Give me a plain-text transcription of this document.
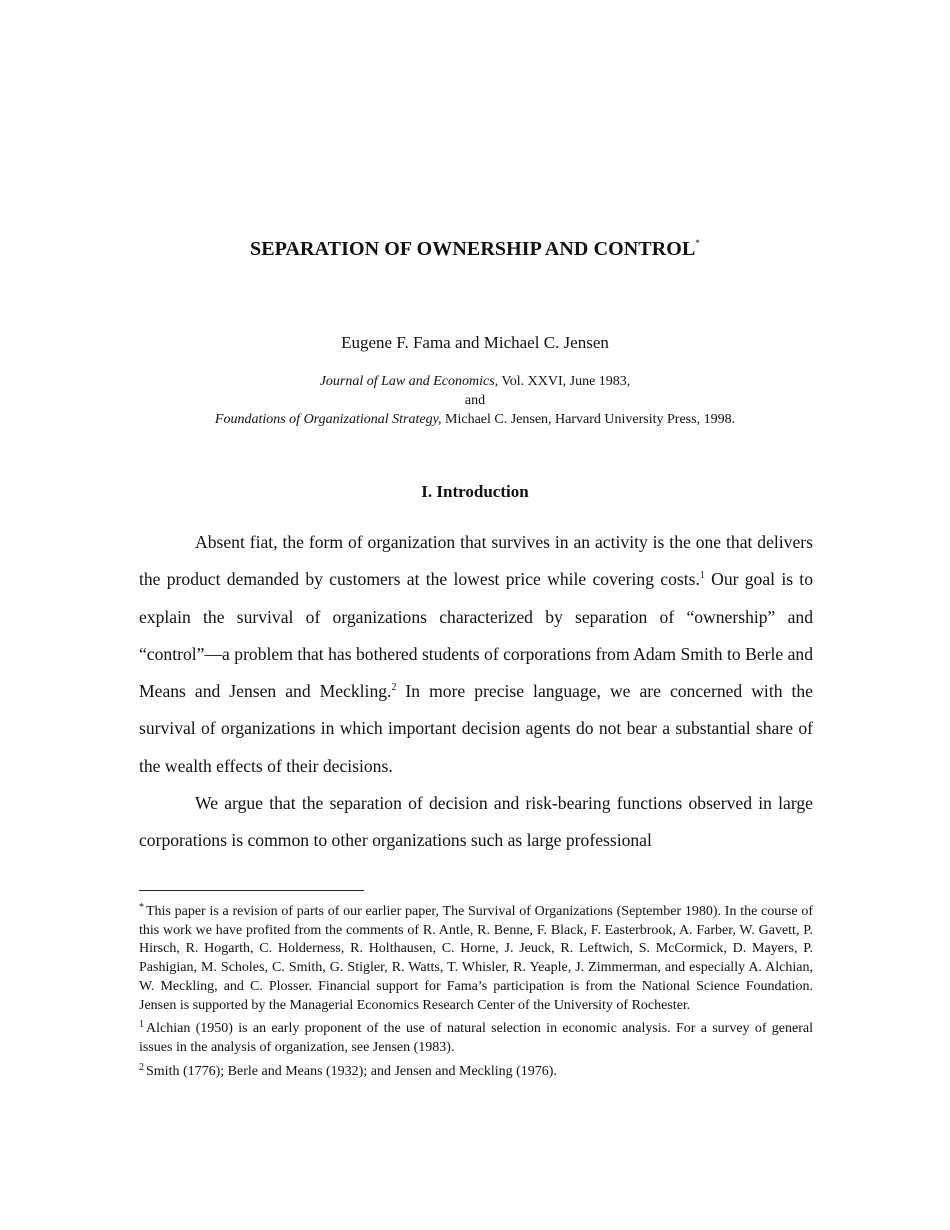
SEPARATION OF OWNERSHIP AND CONTROL*
Eugene F. Fama and Michael C. Jensen
Journal of Law and Economics, Vol. XXVI, June 1983,
and
Foundations of Organizational Strategy, Michael C. Jensen, Harvard University Press, 1998.
I. Introduction

Absent fiat, the form of organization that survives in an activity is the one that delivers the product demanded by customers at the lowest price while covering costs.$^1$ Our goal is to explain the survival of organizations characterized by separation of “ownership” and “control”—a problem that has bothered students of corporations from Adam Smith to Berle and Means and Jensen and Meckling.$^2$ In more precise language, we are concerned with the survival of organizations in which important decision agents do not bear a substantial share of the wealth effects of their decisions.

We argue that the separation of decision and risk-bearing functions observed in large corporations is common to other organizations such as large professional

* This paper is a revision of parts of our earlier paper, The Survival of Organizations (September 1980). In the course of this work we have profited from the comments of R. Antle, R. Benne, F. Black, F. Easterbrook, A. Farber, W. Gavett, P. Hirsch, R. Hogarth, C. Holderness, R. Holthausen, C. Horne, J. Jeuck, R. Leftwich, S. McCormick, D. Mayers, P. Pashigian, M. Scholes, C. Smith, G. Stigler, R. Watts, T. Whisler, R. Yeaple, J. Zimmerman, and especially A. Alchian, W. Meckling, and C. Plosser. Financial support for Fama’s participation is from the National Science Foundation. Jensen is supported by the Managerial Economics Research Center of the University of Rochester.

$^1$ Alchian (1950) is an early proponent of the use of natural selection in economic analysis. For a survey of general issues in the analysis of organization, see Jensen (1983).

$^2$ Smith (1776); Berle and Means (1932); and Jensen and Meckling (1976).
